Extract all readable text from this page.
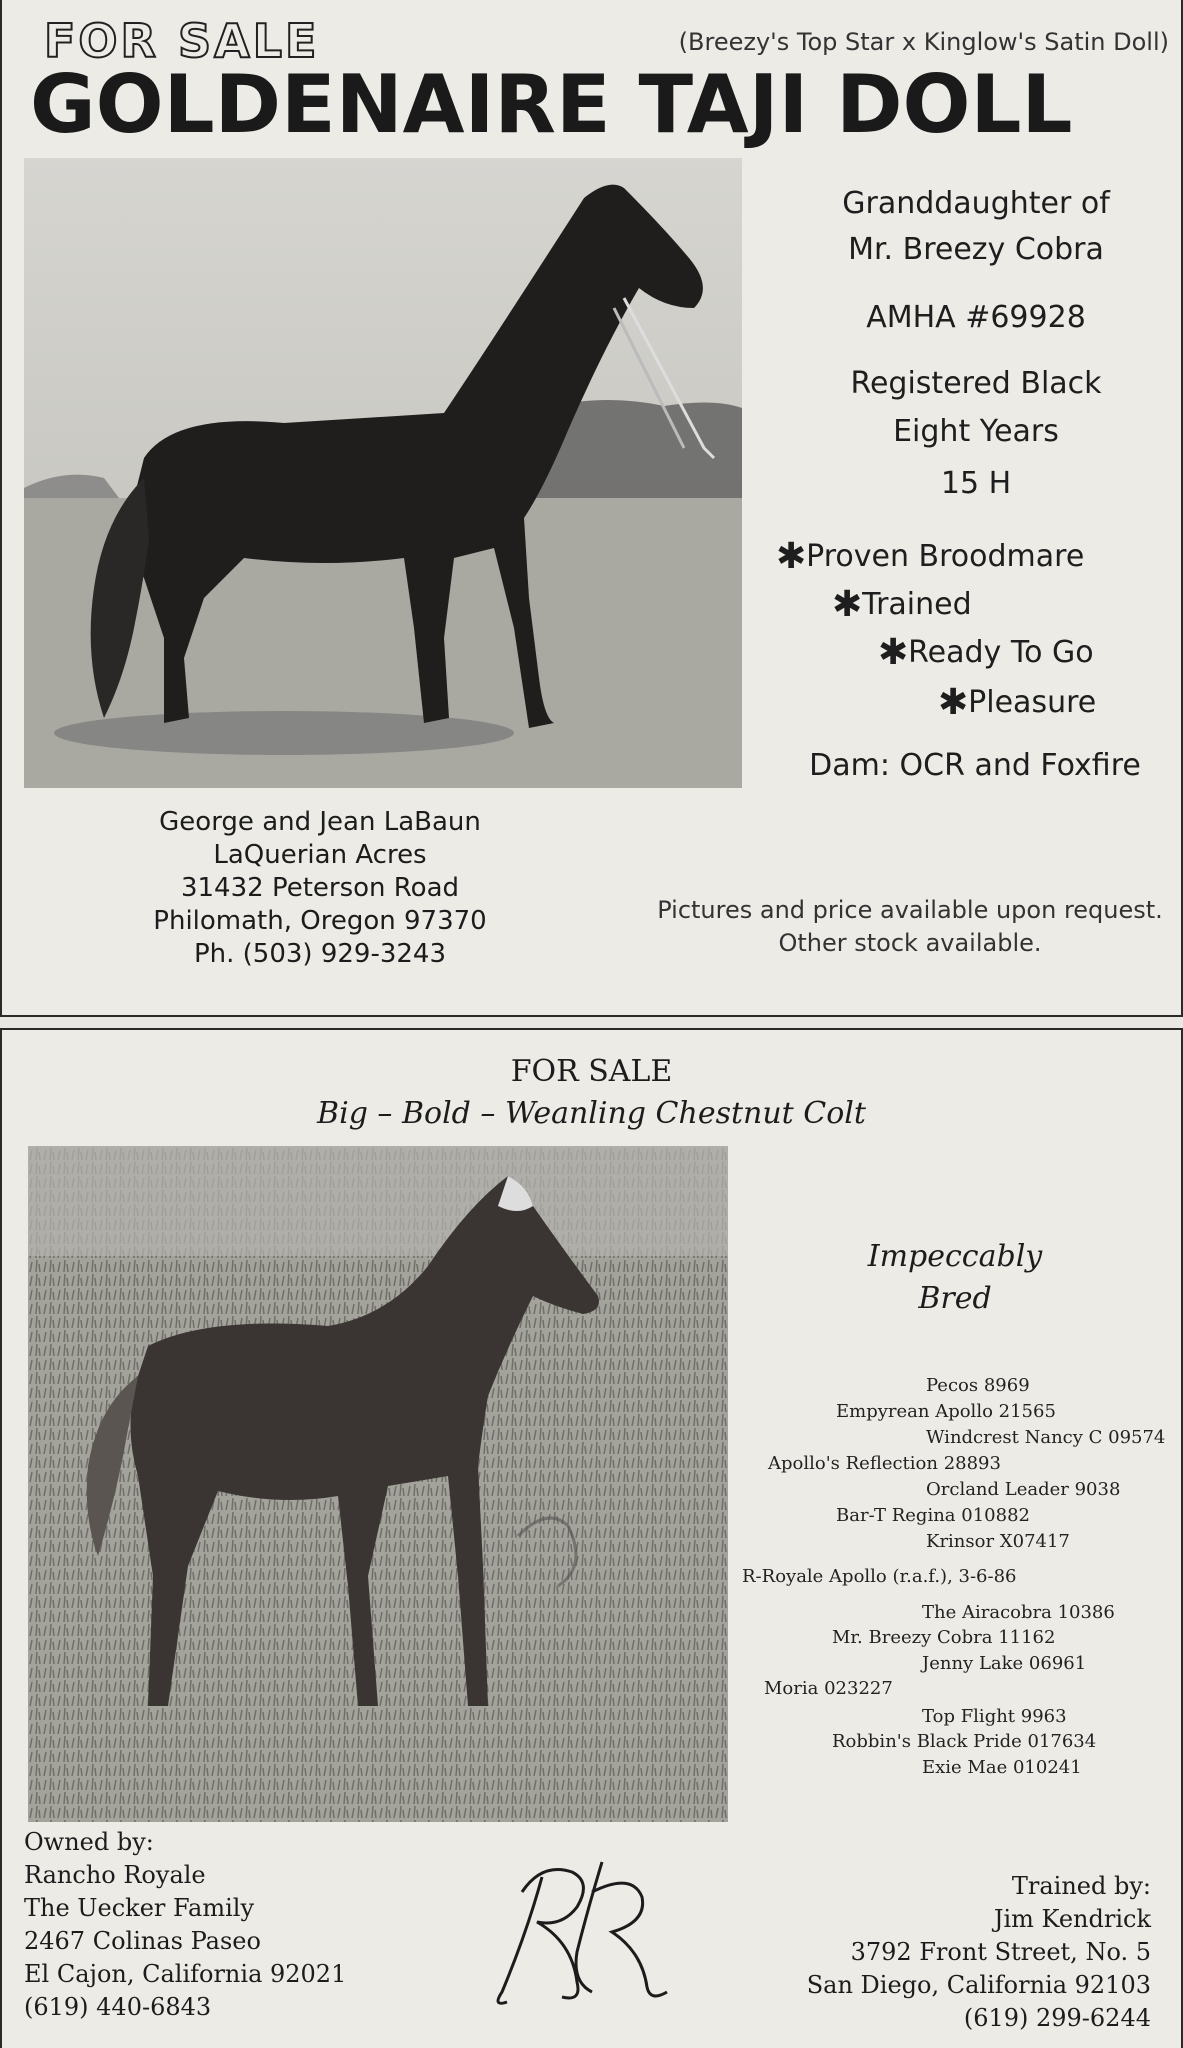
FOR SALE	(Breezy's Top Star x Kinglow's Satin Doll)
GOLDENAIRE TAJI DOLL
Granddaughter of
Mr. Breezy Cobra
AMHA #69928
Registered Black
Eight Years
15 H
✱Proven Broodmare
✱Trained
✱Ready To Go
✱Pleasure
Dam: OCR and Foxfire
George and Jean LaBaun
LaQuerian Acres
31432 Peterson Road
Philomath, Oregon 97370
Ph. (503) 929-3243
Pictures and price available upon request.
Other stock available.
FOR SALE
Big – Bold – Weanling Chestnut Colt
Impeccably
Bred
Pecos 8969
Empyrean Apollo 21565
Windcrest Nancy C 09574
Apollo's Reflection 28893
Orcland Leader 9038
Bar-T Regina 010882
Krinsor X07417
R-Royale Apollo (r.a.f.), 3-6-86
The Airacobra 10386
Mr. Breezy Cobra 11162
Jenny Lake 06961
Moria 023227
Top Flight 9963
Robbin's Black Pride 017634
Exie Mae 010241
Owned by:
Rancho Royale
The Uecker Family
2467 Colinas Paseo
El Cajon, California 92021
(619) 440-6843
Trained by:
Jim Kendrick
3792 Front Street, No. 5
San Diego, California 92103
(619) 299-6244
